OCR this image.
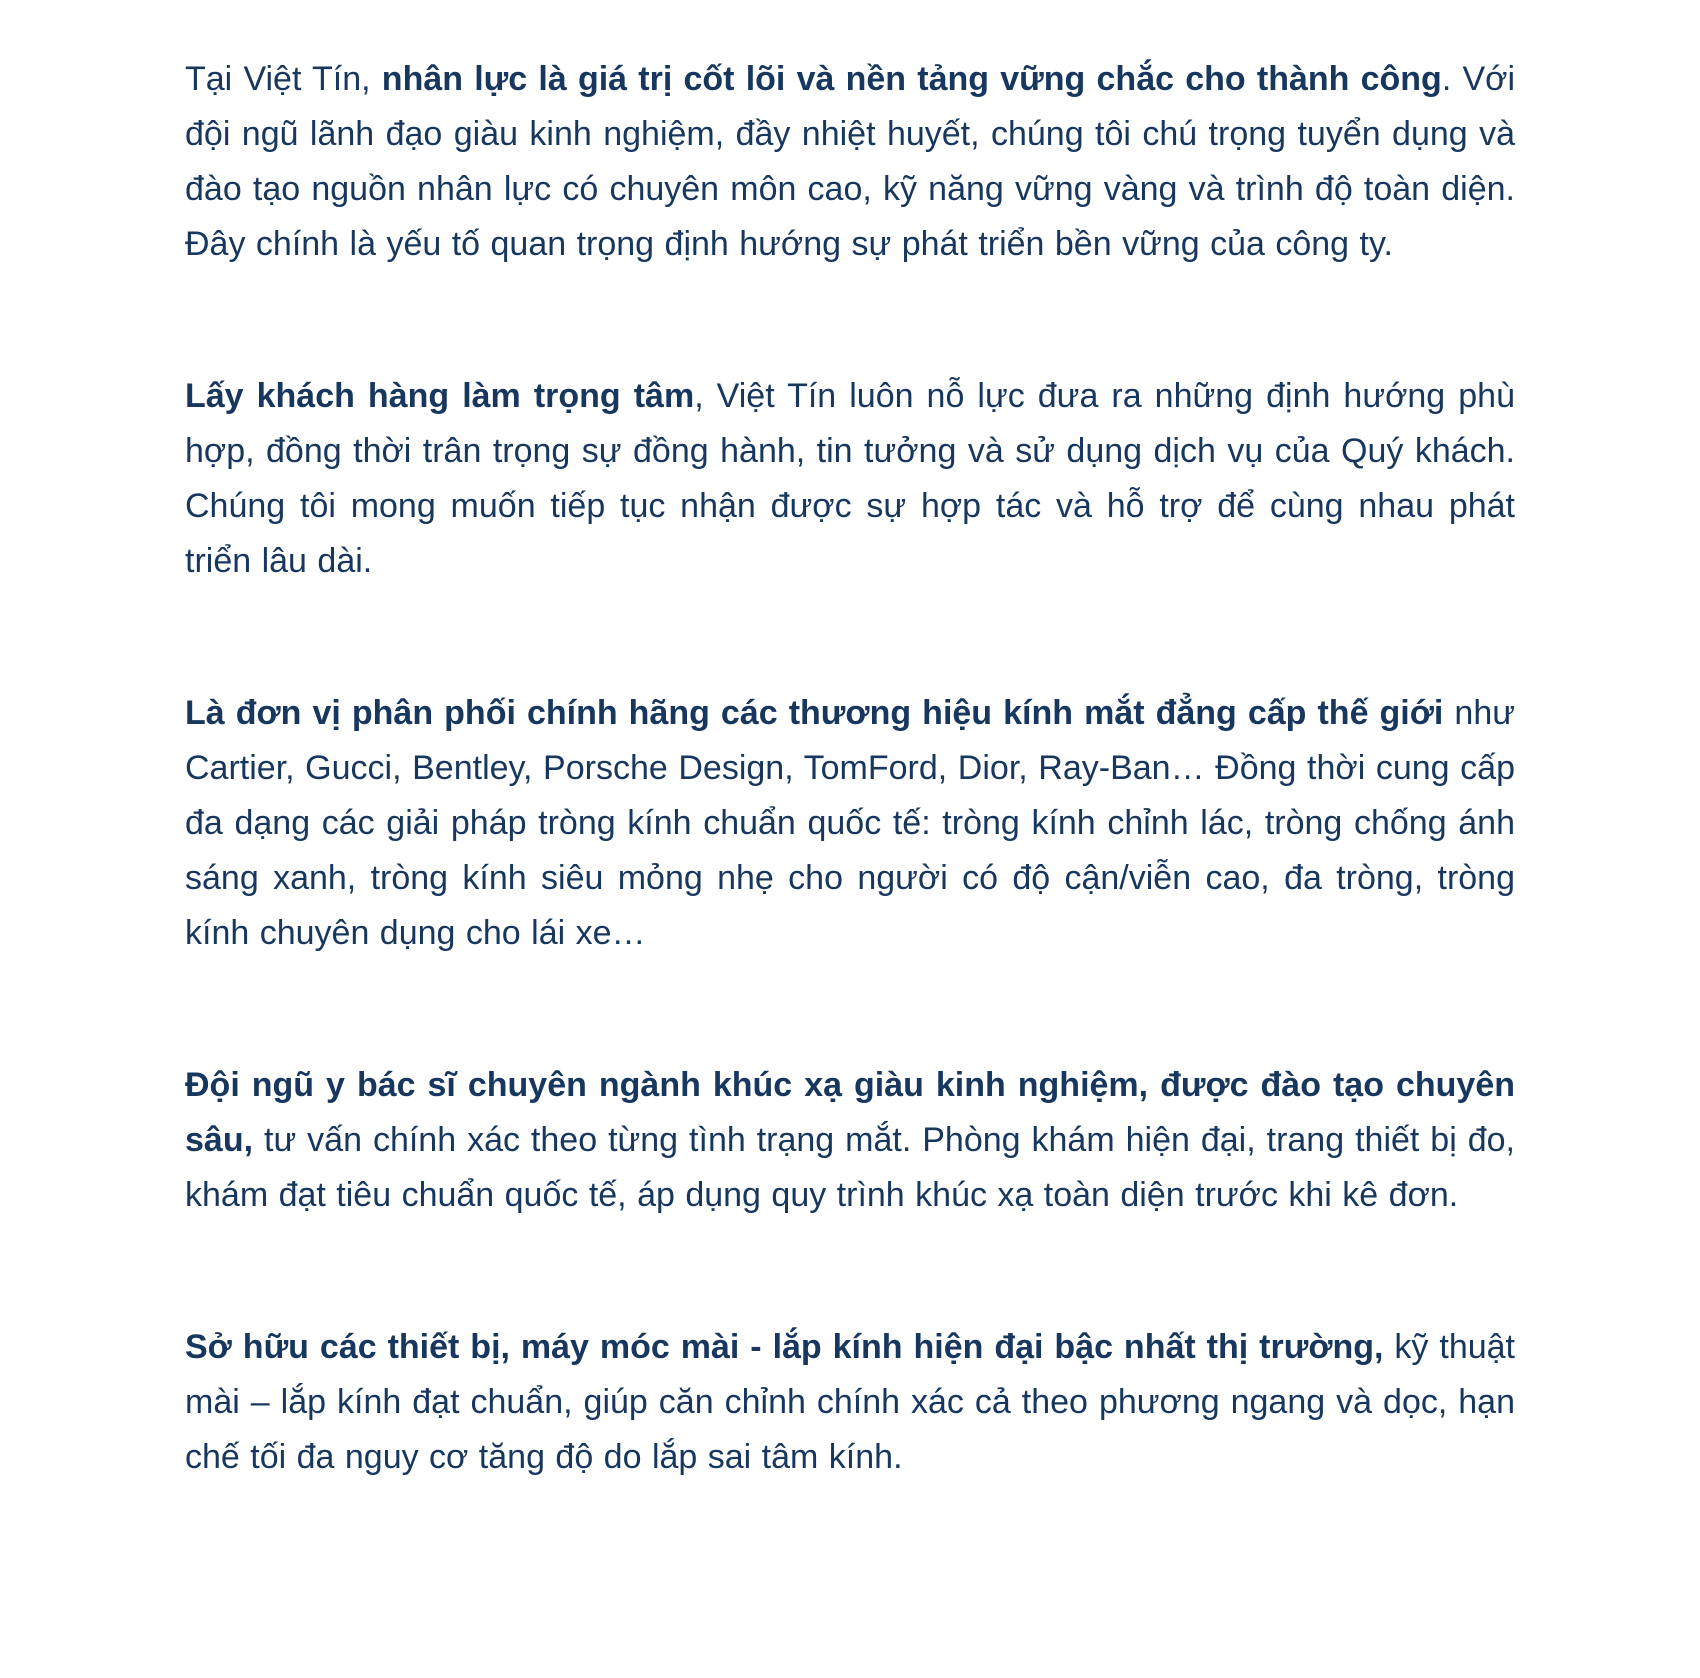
Tại Việt Tín, nhân lực là giá trị cốt lõi và nền tảng vững chắc cho thành công. Với đội ngũ lãnh đạo giàu kinh nghiệm, đầy nhiệt huyết, chúng tôi chú trọng tuyển dụng và đào tạo nguồn nhân lực có chuyên môn cao, kỹ năng vững vàng và trình độ toàn diện. Đây chính là yếu tố quan trọng định hướng sự phát triển bền vững của công ty.

Lấy khách hàng làm trọng tâm, Việt Tín luôn nỗ lực đưa ra những định hướng phù hợp, đồng thời trân trọng sự đồng hành, tin tưởng và sử dụng dịch vụ của Quý khách. Chúng tôi mong muốn tiếp tục nhận được sự hợp tác và hỗ trợ để cùng nhau phát triển lâu dài.

Là đơn vị phân phối chính hãng các thương hiệu kính mắt đẳng cấp thế giới như Cartier, Gucci, Bentley, Porsche Design, TomFord, Dior, Ray-Ban… Đồng thời cung cấp đa dạng các giải pháp tròng kính chuẩn quốc tế: tròng kính chỉnh lác, tròng chống ánh sáng xanh, tròng kính siêu mỏng nhẹ cho người có độ cận/viễn cao, đa tròng, tròng kính chuyên dụng cho lái xe…

Đội ngũ y bác sĩ chuyên ngành khúc xạ giàu kinh nghiệm, được đào tạo chuyên sâu, tư vấn chính xác theo từng tình trạng mắt. Phòng khám hiện đại, trang thiết bị đo, khám đạt tiêu chuẩn quốc tế, áp dụng quy trình khúc xạ toàn diện trước khi kê đơn.

Sở hữu các thiết bị, máy móc mài - lắp kính hiện đại bậc nhất thị trường, kỹ thuật mài – lắp kính đạt chuẩn, giúp căn chỉnh chính xác cả theo phương ngang và dọc, hạn chế tối đa nguy cơ tăng độ do lắp sai tâm kính.
